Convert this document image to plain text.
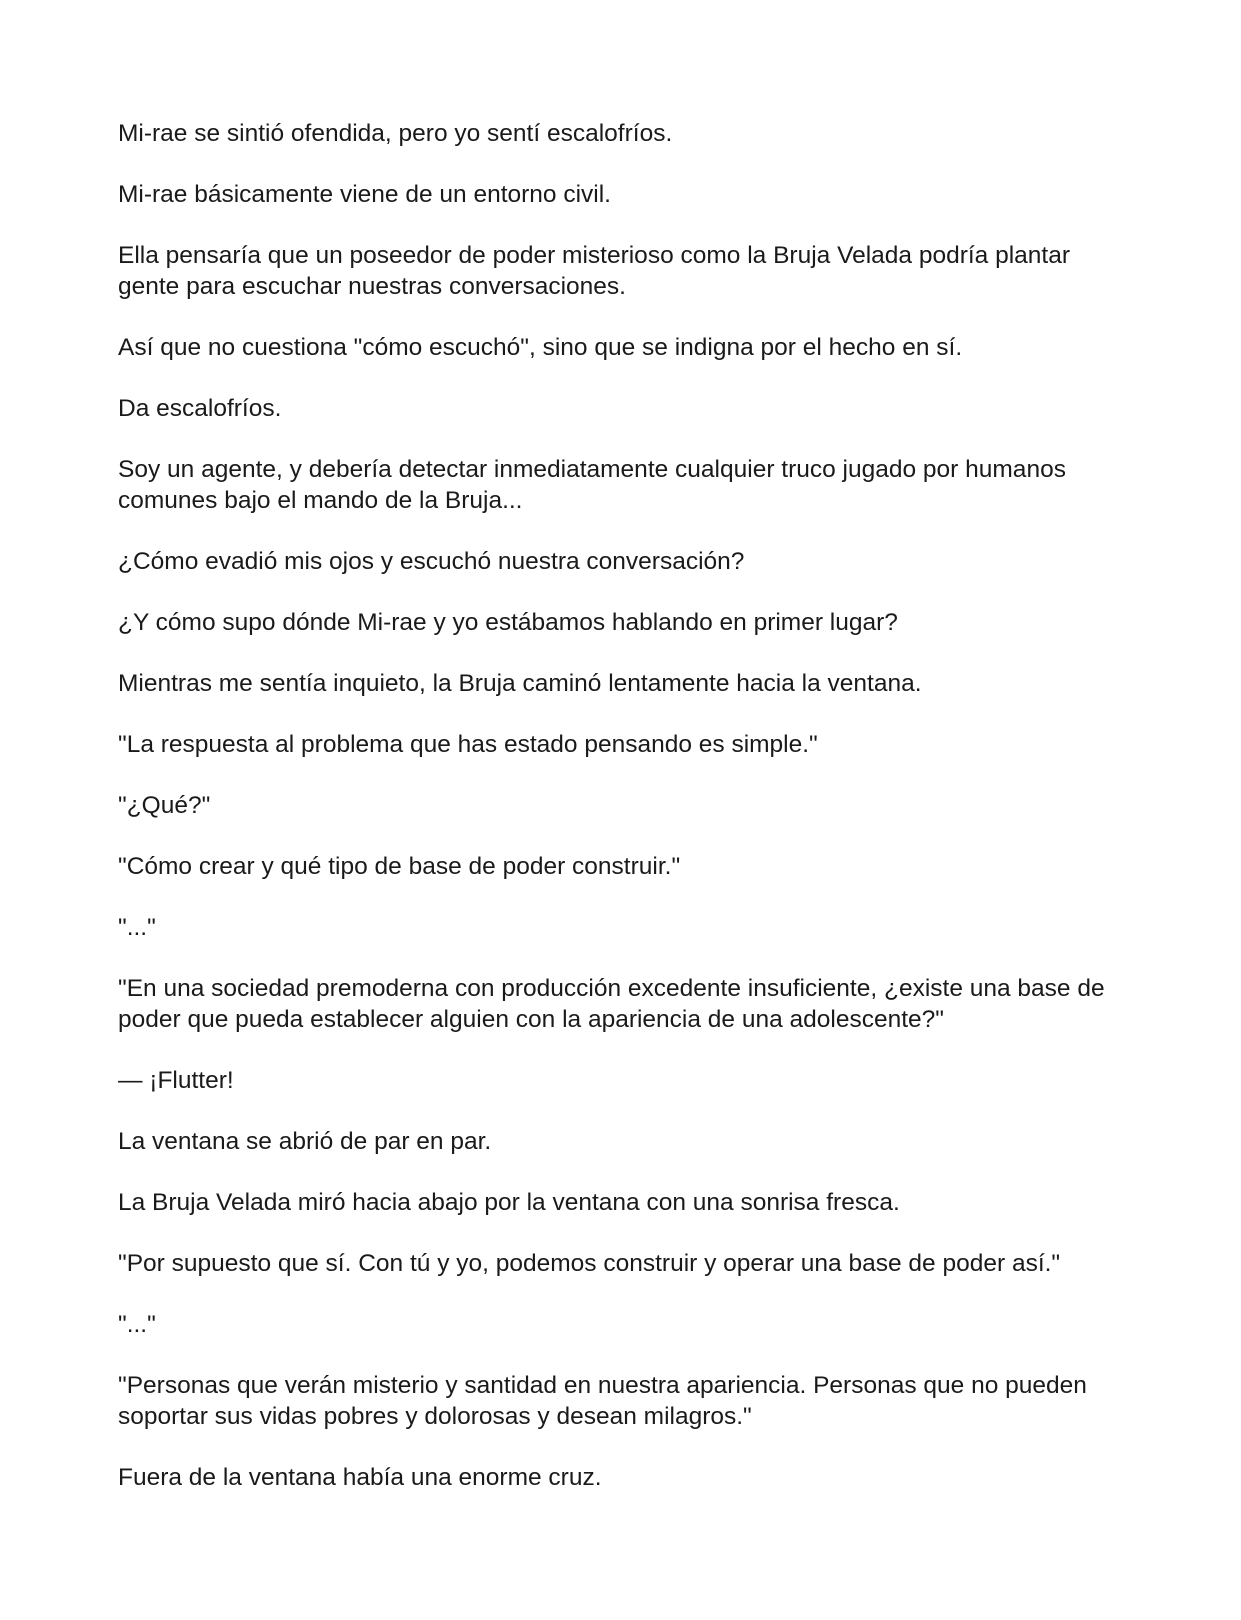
Mi-rae se sintió ofendida, pero yo sentí escalofríos.

Mi-rae básicamente viene de un entorno civil.

Ella pensaría que un poseedor de poder misterioso como la Bruja Velada podría plantar gente para escuchar nuestras conversaciones.

Así que no cuestiona "cómo escuchó", sino que se indigna por el hecho en sí.

Da escalofríos.

Soy un agente, y debería detectar inmediatamente cualquier truco jugado por humanos comunes bajo el mando de la Bruja...

¿Cómo evadió mis ojos y escuchó nuestra conversación?

¿Y cómo supo dónde Mi-rae y yo estábamos hablando en primer lugar?

Mientras me sentía inquieto, la Bruja caminó lentamente hacia la ventana.

"La respuesta al problema que has estado pensando es simple."

"¿Qué?"

"Cómo crear y qué tipo de base de poder construir."

"..."

"En una sociedad premoderna con producción excedente insuficiente, ¿existe una base de poder que pueda establecer alguien con la apariencia de una adolescente?"

— ¡Flutter!

La ventana se abrió de par en par.

La Bruja Velada miró hacia abajo por la ventana con una sonrisa fresca.

"Por supuesto que sí. Con tú y yo, podemos construir y operar una base de poder así."

"..."

"Personas que verán misterio y santidad en nuestra apariencia. Personas que no pueden soportar sus vidas pobres y dolorosas y desean milagros."

Fuera de la ventana había una enorme cruz.
